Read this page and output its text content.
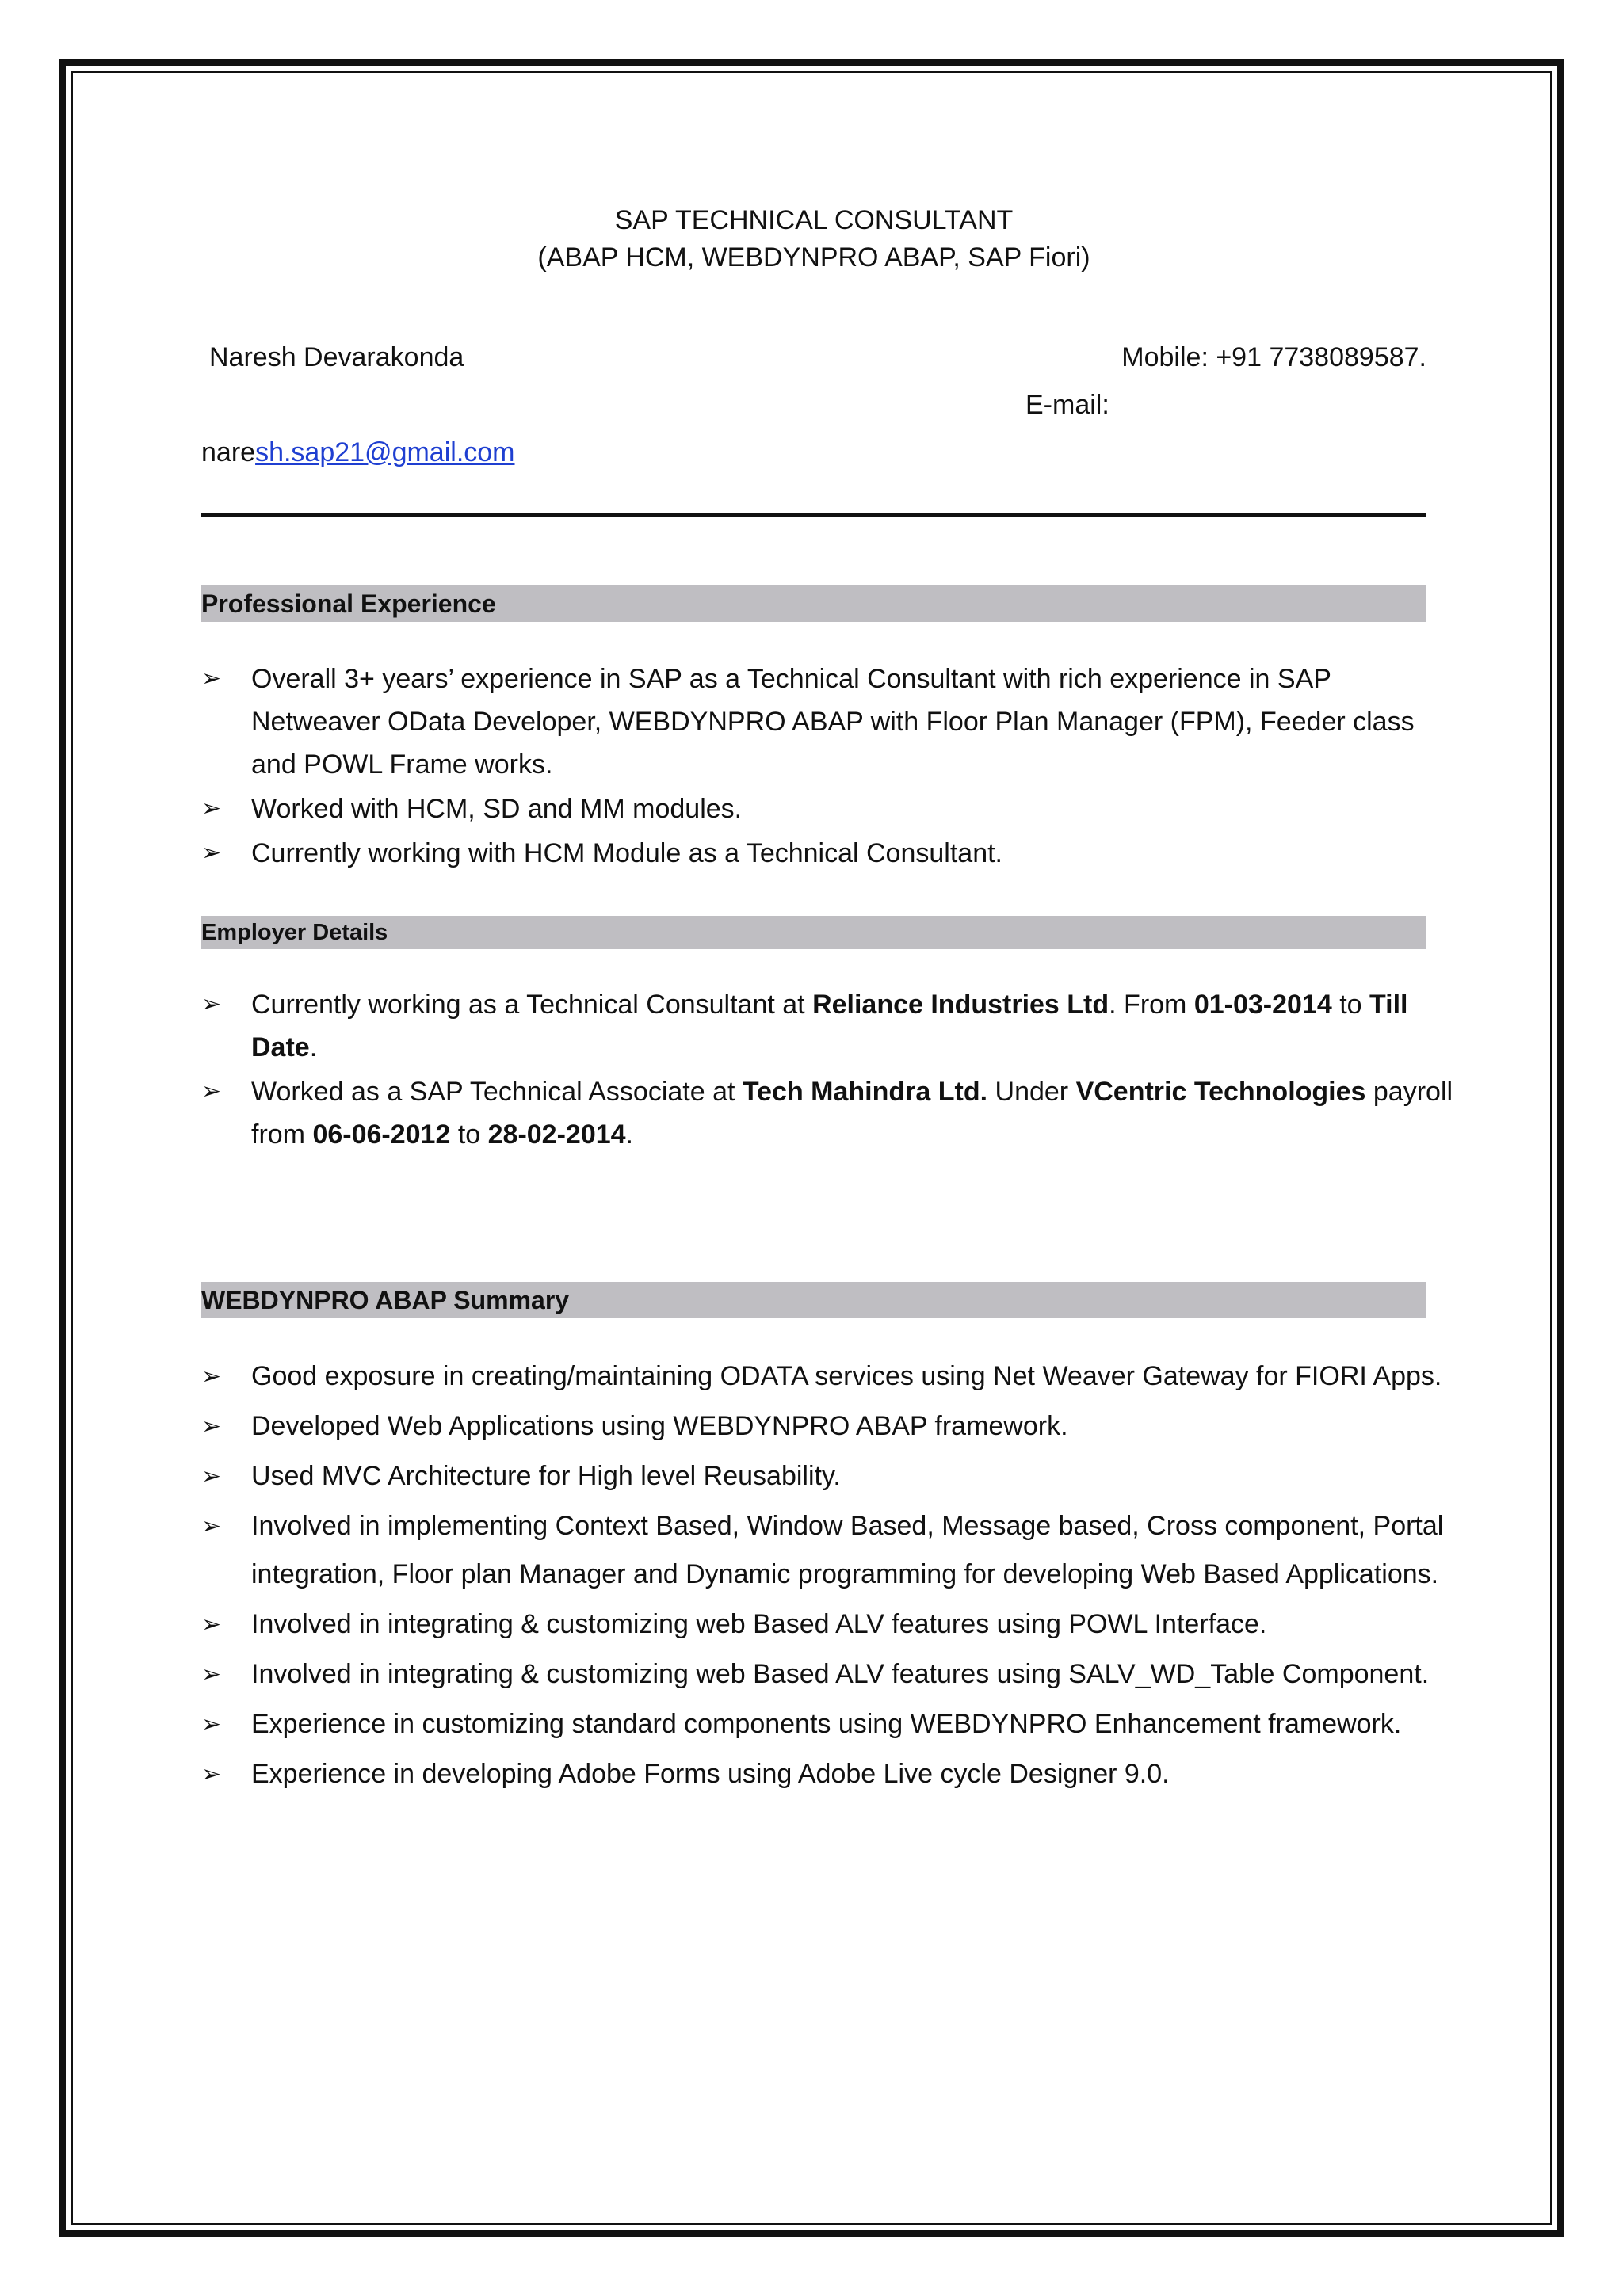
SAP TECHNICAL CONSULTANT
(ABAP HCM, WEBDYNPRO ABAP, SAP Fiori)
Naresh Devarakonda	Mobile: +91 7738089587.
E-mail:
naresh.sap21@gmail.com
Professional Experience
➢ Overall 3+ years’ experience in SAP as a Technical Consultant with rich experience in SAP Netweaver OData Developer, WEBDYNPRO ABAP with Floor Plan Manager (FPM), Feeder class and POWL Frame works.
➢ Worked with HCM, SD and MM modules.
➢ Currently working with HCM Module as a Technical Consultant.
Employer Details
➢ Currently working as a Technical Consultant at Reliance Industries Ltd. From 01-03-2014 to Till Date.
➢ Worked as a SAP Technical Associate at Tech Mahindra Ltd. Under VCentric Technologies payroll from 06-06-2012 to 28-02-2014.
WEBDYNPRO ABAP Summary
➢ Good exposure in creating/maintaining ODATA services using Net Weaver Gateway for FIORI Apps.
➢ Developed Web Applications using WEBDYNPRO ABAP framework.
➢ Used MVC Architecture for High level Reusability.
➢ Involved in implementing Context Based, Window Based, Message based, Cross component, Portal integration, Floor plan Manager and Dynamic programming for developing Web Based Applications.
➢ Involved in integrating & customizing web Based ALV features using POWL Interface.
➢ Involved in integrating & customizing web Based ALV features using SALV_WD_Table Component.
➢ Experience in customizing standard components using WEBDYNPRO Enhancement framework.
➢ Experience in developing Adobe Forms using Adobe Live cycle Designer 9.0.
